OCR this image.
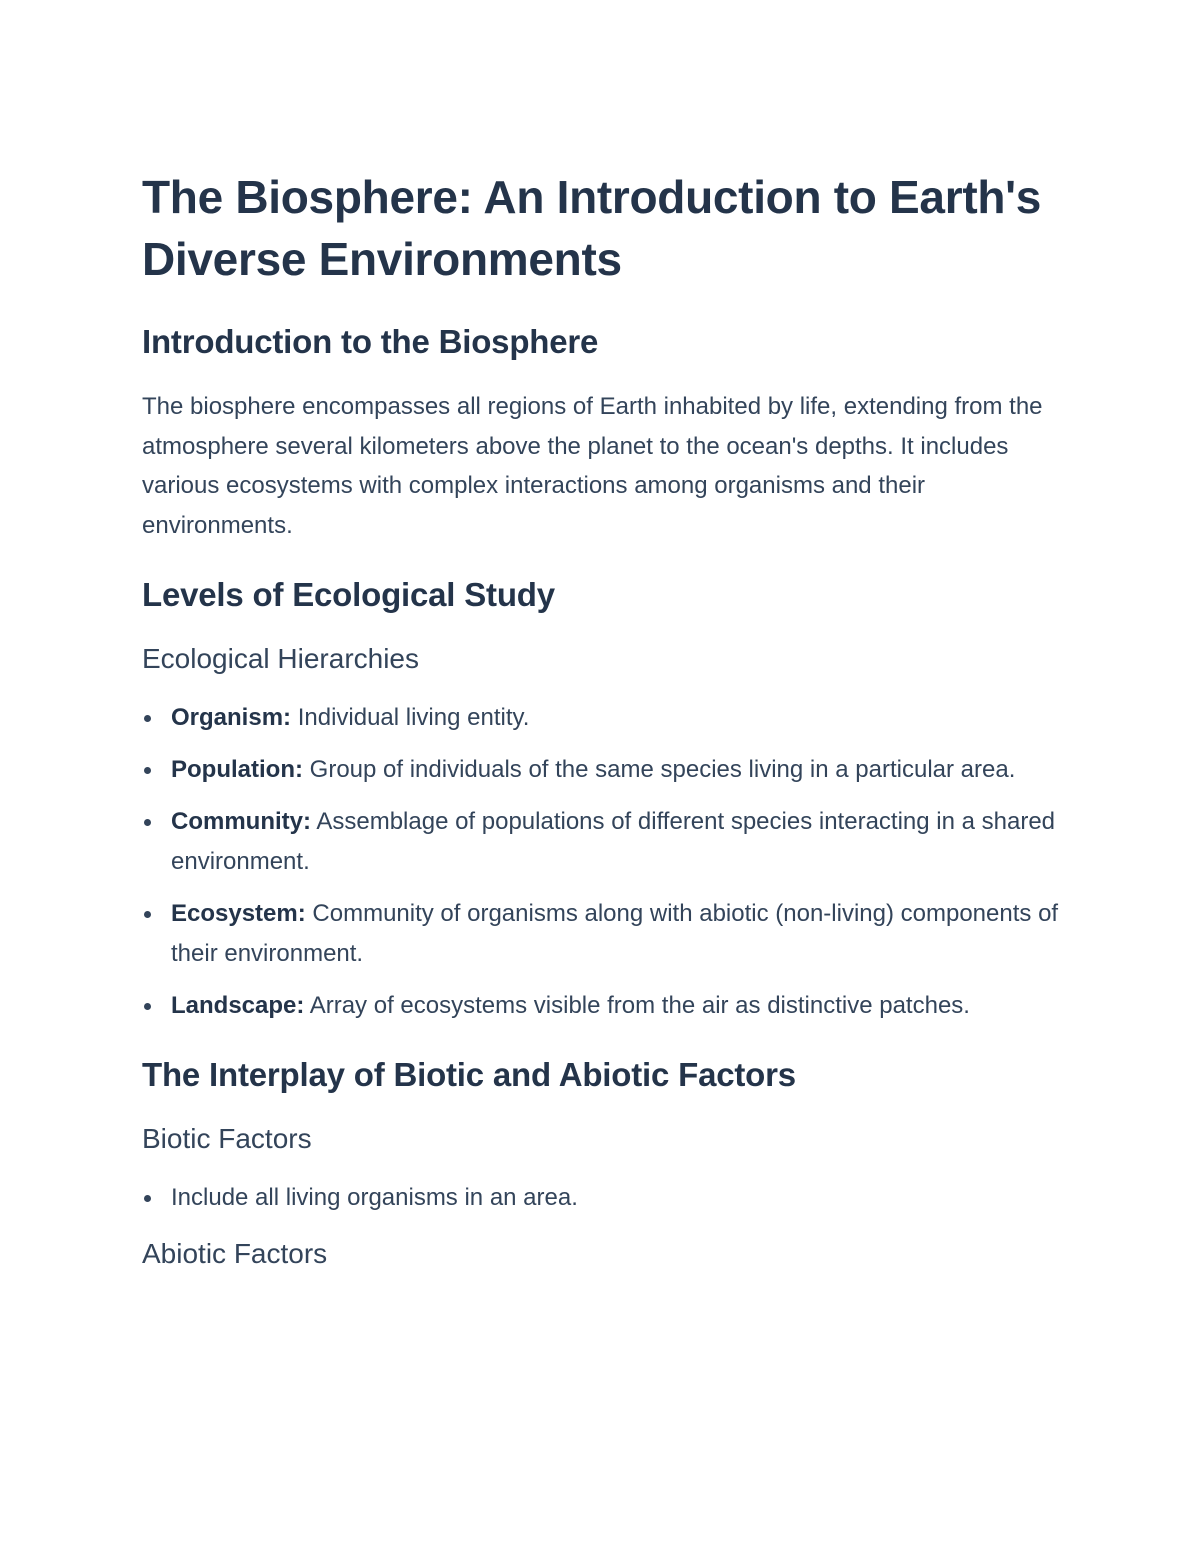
The Biosphere: An Introduction to Earth's Diverse Environments
Introduction to the Biosphere

The biosphere encompasses all regions of Earth inhabited by life, extending from the atmosphere several kilometers above the planet to the ocean's depths. It includes various ecosystems with complex interactions among organisms and their environments.

Levels of Ecological Study
Ecological Hierarchies
Organism: Individual living entity.
Population: Group of individuals of the same species living in a particular area.
Community: Assemblage of populations of different species interacting in a shared environment.
Ecosystem: Community of organisms along with abiotic (non-living) components of their environment.
Landscape: Array of ecosystems visible from the air as distinctive patches.
The Interplay of Biotic and Abiotic Factors
Biotic Factors
Include all living organisms in an area.
Abiotic Factors
